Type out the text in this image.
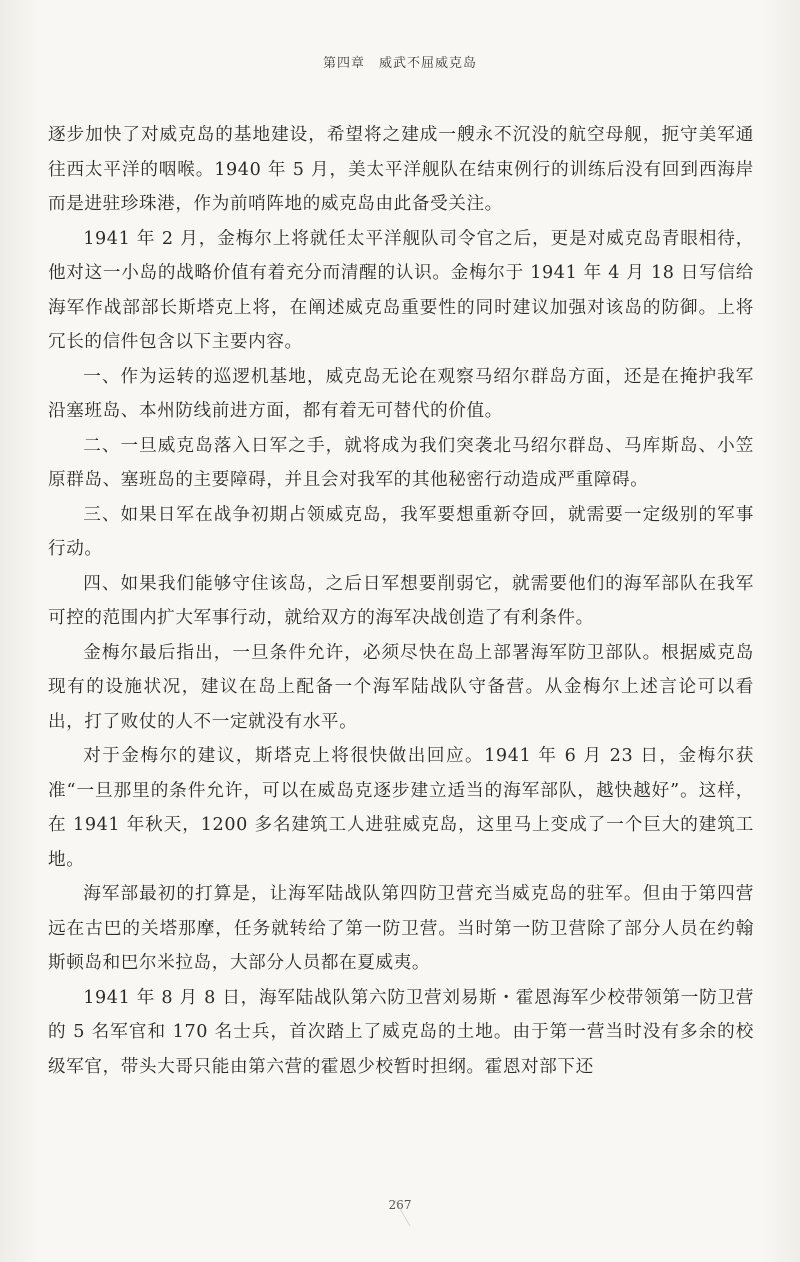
第四章　威武不屈威克岛

逐步加快了对威克岛的基地建设，希望将之建成一艘永不沉没的航空母舰，扼守美军通往西太平洋的咽喉。1940 年 5 月，美太平洋舰队在结束例行的训练后没有回到西海岸而是进驻珍珠港，作为前哨阵地的威克岛由此备受关注。

1941 年 2 月，金梅尔上将就任太平洋舰队司令官之后，更是对威克岛青眼相待，他对这一小岛的战略价值有着充分而清醒的认识。金梅尔于 1941 年 4 月 18 日写信给海军作战部部长斯塔克上将，在阐述威克岛重要性的同时建议加强对该岛的防御。上将冗长的信件包含以下主要内容。

一、作为运转的巡逻机基地，威克岛无论在观察马绍尔群岛方面，还是在掩护我军沿塞班岛、本州防线前进方面，都有着无可替代的价值。

二、一旦威克岛落入日军之手，就将成为我们突袭北马绍尔群岛、马库斯岛、小笠原群岛、塞班岛的主要障碍，并且会对我军的其他秘密行动造成严重障碍。

三、如果日军在战争初期占领威克岛，我军要想重新夺回，就需要一定级别的军事行动。

四、如果我们能够守住该岛，之后日军想要削弱它，就需要他们的海军部队在我军可控的范围内扩大军事行动，就给双方的海军决战创造了有利条件。

金梅尔最后指出，一旦条件允许，必须尽快在岛上部署海军防卫部队。根据威克岛现有的设施状况，建议在岛上配备一个海军陆战队守备营。从金梅尔上述言论可以看出，打了败仗的人不一定就没有水平。

对于金梅尔的建议，斯塔克上将很快做出回应。1941 年 6 月 23 日，金梅尔获准“一旦那里的条件允许，可以在威岛克逐步建立适当的海军部队，越快越好”。这样，在 1941 年秋天，1200 多名建筑工人进驻威克岛，这里马上变成了一个巨大的建筑工地。

海军部最初的打算是，让海军陆战队第四防卫营充当威克岛的驻军。但由于第四营远在古巴的关塔那摩，任务就转给了第一防卫营。当时第一防卫营除了部分人员在约翰斯顿岛和巴尔米拉岛，大部分人员都在夏威夷。

1941 年 8 月 8 日，海军陆战队第六防卫营刘易斯・霍恩海军少校带领第一防卫营的 5 名军官和 170 名士兵，首次踏上了威克岛的土地。由于第一营当时没有多余的校级军官，带头大哥只能由第六营的霍恩少校暂时担纲。霍恩对部下还

267
